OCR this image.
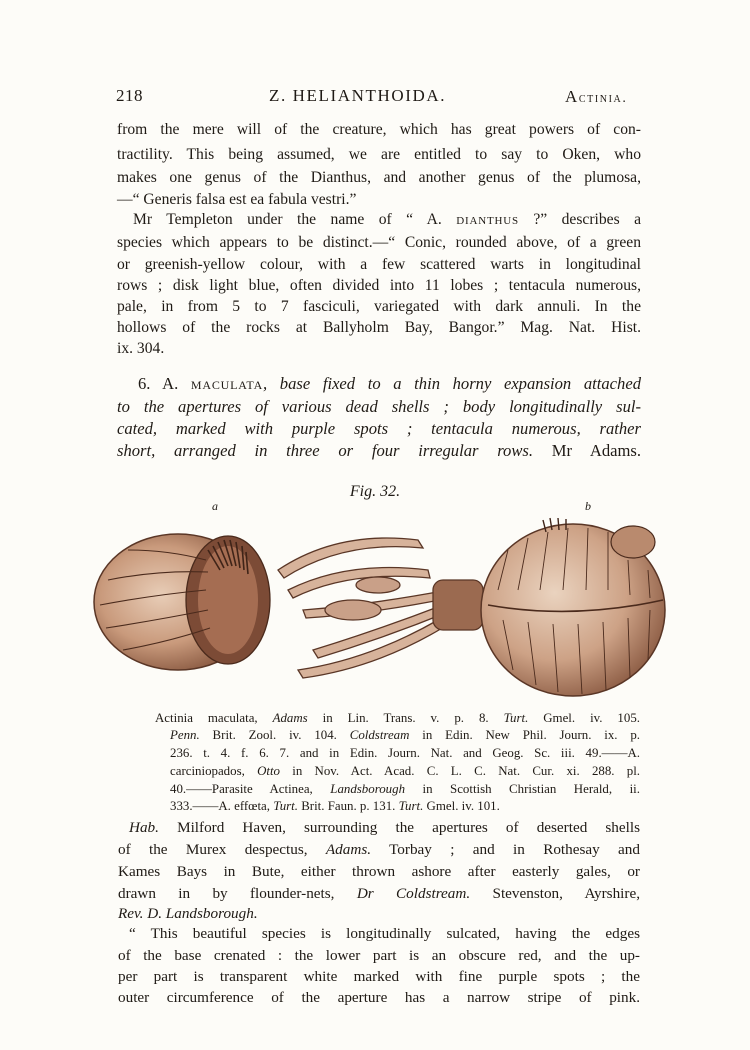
218	Z. HELIANTHOIDA.	Actinia.
from the mere will of the creature, which has great powers of con-
tractility. This being assumed, we are entitled to say to Oken, who
makes one genus of the Dianthus, and another genus of the plumosa,
—“ Generis falsa est ea fabula vestri.”
Mr Templeton under the name of “ A. dianthus ?” describes a
species which appears to be distinct.—“ Conic, rounded above, of a green
or greenish-yellow colour, with a few scattered warts in longitudinal
rows ; disk light blue, often divided into 11 lobes ; tentacula numerous,
pale, in from 5 to 7 fasciculi, variegated with dark annuli. In the
hollows of the rocks at Ballyholm Bay, Bangor.” Mag. Nat. Hist.
ix. 304.
6. A. maculata, base fixed to a thin horny expansion attached
to the apertures of various dead shells ; body longitudinally sul-
cated, marked with purple spots ; tentacula numerous, rather
short, arranged in three or four irregular rows. Mr Adams.
Fig. 32.
a	b
Actinia maculata, Adams in Lin. Trans. v. p. 8. Turt. Gmel. iv. 105.
Penn. Brit. Zool. iv. 104. Coldstream in Edin. New Phil. Journ. ix. p.
236. t. 4. f. 6. 7. and in Edin. Journ. Nat. and Geog. Sc. iii. 49.——A.
carciniopados, Otto in Nov. Act. Acad. C. L. C. Nat. Cur. xi. 288. pl.
40.——Parasite Actinea, Landsborough in Scottish Christian Herald, ii.
333.——A. effœta, Turt. Brit. Faun. p. 131. Turt. Gmel. iv. 101.
Hab. Milford Haven, surrounding the apertures of deserted shells
of the Murex despectus, Adams. Torbay ; and in Rothesay and
Kames Bays in Bute, either thrown ashore after easterly gales, or
drawn in by flounder-nets, Dr Coldstream. Stevenston, Ayrshire,
Rev. D. Landsborough.
“ This beautiful species is longitudinally sulcated, having the edges
of the base crenated : the lower part is an obscure red, and the up-
per part is transparent white marked with fine purple spots ; the
outer circumference of the aperture has a narrow stripe of pink.
